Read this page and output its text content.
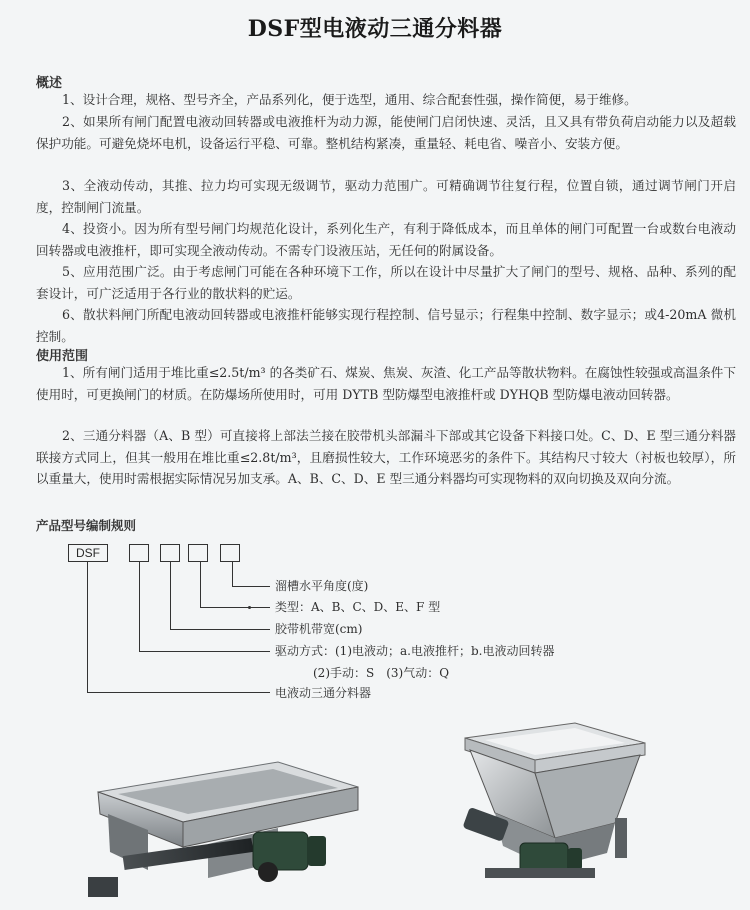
DSF型电液动三通分料器
概述

1、设计合理，规格、型号齐全，产品系列化，便于选型，通用、综合配套性强，操作简便，易于维修。

2、如果所有闸门配置电液动回转器或电液推杆为动力源，能使闸门启闭快速、灵活，且又具有带负荷启动能力以及超载保护功能。可避免烧坏电机，设备运行平稳、可靠。整机结构紧凑，重量轻、耗电省、噪音小、安装方便。

3、全液动传动，其推、拉力均可实现无级调节，驱动力范围广。可精确调节往复行程，位置自锁，通过调节闸门开启度，控制闸门流量。

4、投资小。因为所有型号闸门均规范化设计，系列化生产，有利于降低成本，而且单体的闸门可配置一台或数台电液动回转器或电液推杆，即可实现全液动传动。不需专门设液压站，无任何的附属设备。

5、应用范围广泛。由于考虑闸门可能在各种环境下工作，所以在设计中尽量扩大了闸门的型号、规格、品种、系列的配套设计，可广泛适用于各行业的散状料的贮运。

6、散状料闸门所配电液动回转器或电液推杆能够实现行程控制、信号显示；行程集中控制、数字显示；或4-20mA 微机控制。

使用范围

1、所有闸门适用于堆比重≤2.5t/m³ 的各类矿石、煤炭、焦炭、灰渣、化工产品等散状物料。在腐蚀性较强或高温条件下使用时，可更换闸门的材质。在防爆场所使用时，可用 DYTB 型防爆型电液推杆或 DYHQB 型防爆电液动回转器。

2、三通分料器（A、B 型）可直接将上部法兰接在胶带机头部漏斗下部或其它设备下料接口处。C、D、E 型三通分料器联接方式同上，但其一般用在堆比重≤2.8t/m³，且磨损性较大，工作环境恶劣的条件下。其结构尺寸较大（衬板也较厚），所以重量大，使用时需根据实际情况另加支承。A、B、C、D、E 型三通分料器均可实现物料的双向切换及双向分流。

产品型号编制规则
DSF
溜槽水平角度(度)
类型：A、B、C、D、E、F 型
胶带机带宽(cm)
驱动方式：(1)电液动；a.电液推杆；b.电液动回转器
(2)手动：S　(3)气动：Q
电液动三通分料器
